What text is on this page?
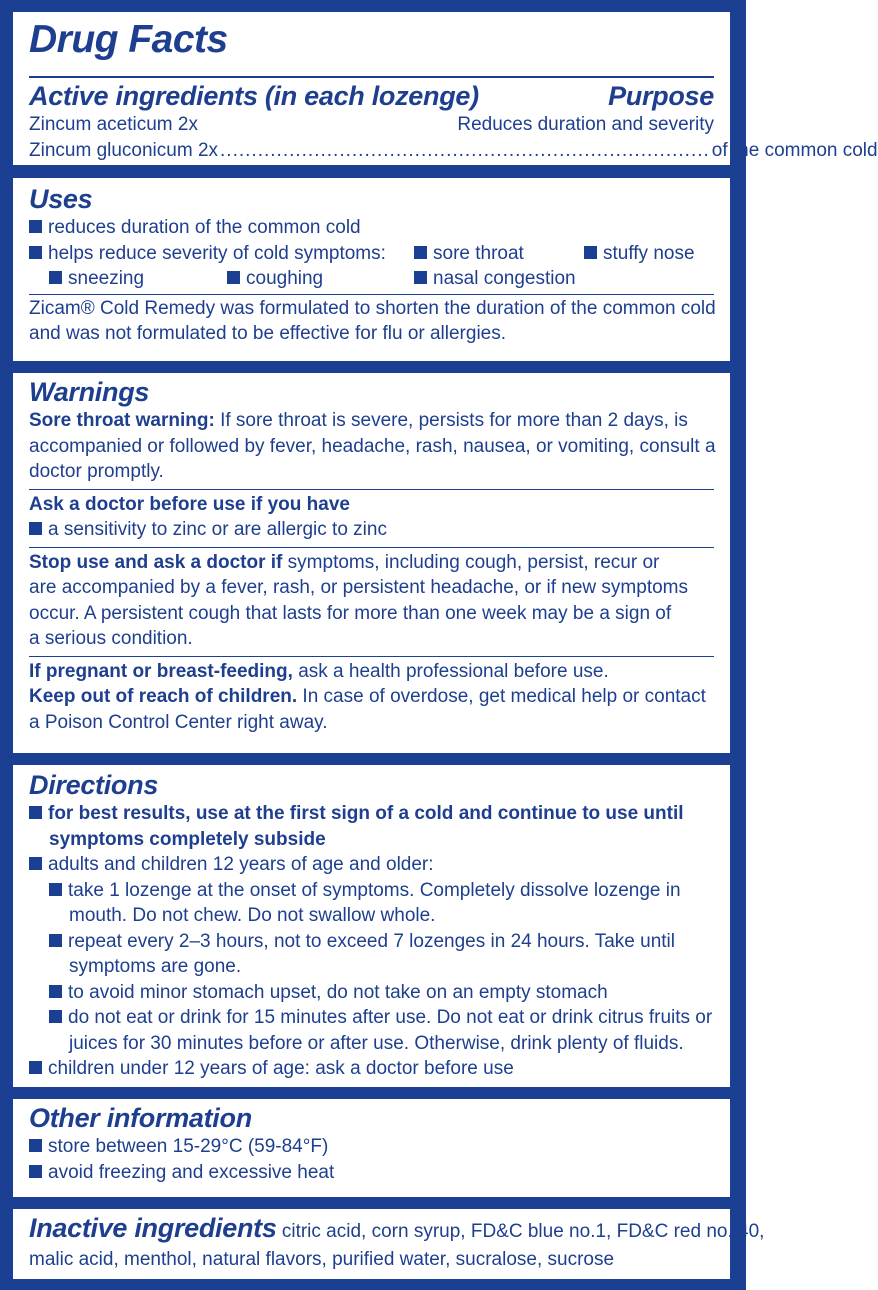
Drug Facts
Active ingredients (in each lozenge)	Purpose
Zincum aceticum 2x	Reduces duration and severity
Zincum gluconicum 2x .............................................................................. of the common cold
Uses
reduces duration of the common cold
helps reduce severity of cold symptoms:	sore throat	stuffy nose
sneezing	coughing	nasal congestion
Zicam® Cold Remedy was formulated to shorten the duration of the common cold
and was not formulated to be effective for flu or allergies.
Warnings
Sore throat warning: If sore throat is severe, persists for more than 2 days, is
accompanied or followed by fever, headache, rash, nausea, or vomiting, consult a
doctor promptly.
Ask a doctor before use if you have
a sensitivity to zinc or are allergic to zinc
Stop use and ask a doctor if symptoms, including cough, persist, recur or
are accompanied by a fever, rash, or persistent headache, or if new symptoms
occur. A persistent cough that lasts for more than one week may be a sign of
a serious condition.
If pregnant or breast-feeding, ask a health professional before use.
Keep out of reach of children. In case of overdose, get medical help or contact
a Poison Control Center right away.
Directions
for best results, use at the first sign of a cold and continue to use until
symptoms completely subside
adults and children 12 years of age and older:
take 1 lozenge at the onset of symptoms. Completely dissolve lozenge in
mouth. Do not chew. Do not swallow whole.
repeat every 2–3 hours, not to exceed 7 lozenges in 24 hours. Take until
symptoms are gone.
to avoid minor stomach upset, do not take on an empty stomach
do not eat or drink for 15 minutes after use. Do not eat or drink citrus fruits or
juices for 30 minutes before or after use. Otherwise, drink plenty of fluids.
children under 12 years of age: ask a doctor before use
Other information
store between 15-29°C (59-84°F)
avoid freezing and excessive heat
Inactive ingredients citric acid, corn syrup, FD&C blue no.1, FD&C red no. 40,
malic acid, menthol, natural flavors, purified water, sucralose, sucrose
